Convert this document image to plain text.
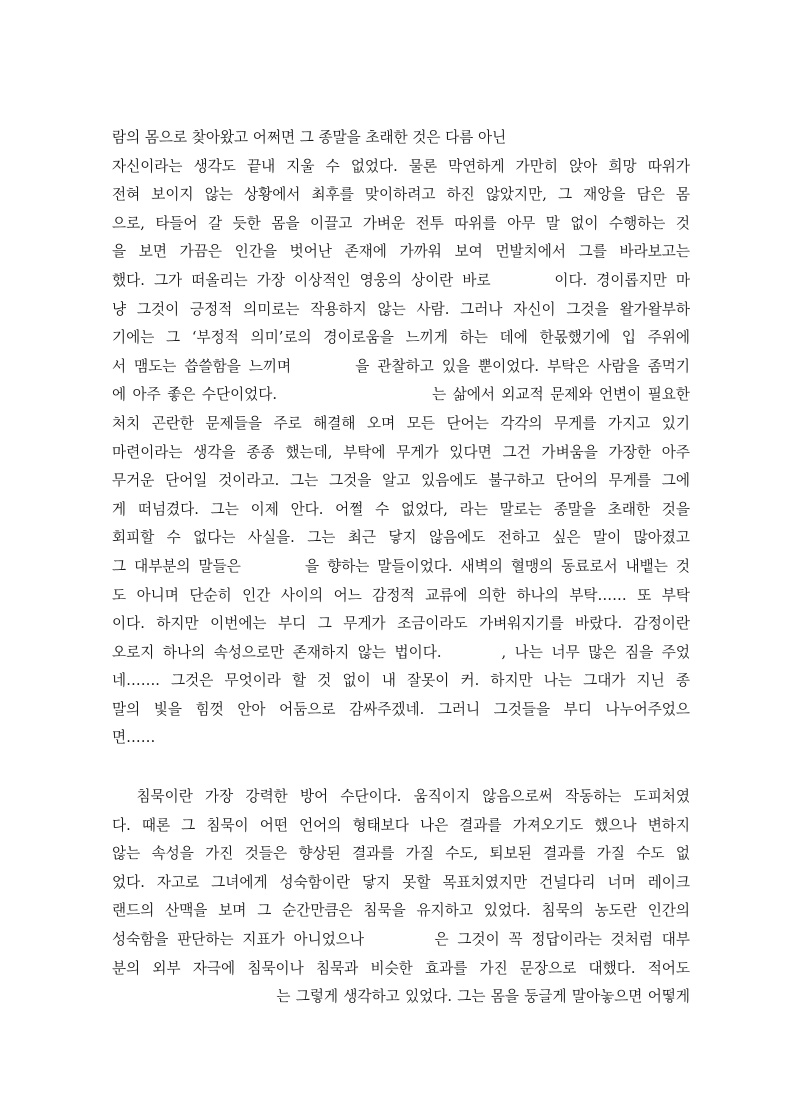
람의 몸으로 찾아왔고 어쩌면 그 종말을 초래한 것은 다름 아닌
자신이라는 생각도 끝내 지울 수 없었다. 물론 막연하게 가만히 앉아 희망 따위가
전혀 보이지 않는 상황에서 최후를 맞이하려고 하진 않았지만, 그 재앙을 담은 몸
으로, 타들어 갈 듯한 몸을 이끌고 가벼운 전투 따위를 아무 말 없이 수행하는 것
을 보면 가끔은 인간을 벗어난 존재에 가까워 보여 먼발치에서 그를 바라보고는
했다. 그가 떠올리는 가장 이상적인 영웅의 상이란 바로       이다. 경이롭지만 마
냥 그것이 긍정적 의미로는 작용하지 않는 사람. 그러나 자신이 그것을 왈가왈부하
기에는 그 ‘부정적 의미’로의 경이로움을 느끼게 하는 데에 한몫했기에 입 주위에
서 맴도는 씁쓸함을 느끼며        을 관찰하고 있을 뿐이었다. 부탁은 사람을 좀먹기
에 아주 좋은 수단이었다.                        는 삶에서 외교적 문제와 언변이 필요한
처치 곤란한 문제들을 주로 해결해 오며 모든 단어는 각각의 무게를 가지고 있기
마련이라는 생각을 종종 했는데, 부탁에 무게가 있다면 그건 가벼움을 가장한 아주
무거운 단어일 것이라고. 그는 그것을 알고 있음에도 불구하고 단어의 무게를 그에
게 떠넘겼다. 그는 이제 안다. 어쩔 수 없었다, 라는 말로는 종말을 초래한 것을
회피할 수 없다는 사실을. 그는 최근 닿지 않음에도 전하고 싶은 말이 많아졌고
그 대부분의 말들은        을 향하는 말들이었다. 새벽의 혈맹의 동료로서 내뱉는 것
도 아니며 단순히 인간 사이의 어느 감정적 교류에 의한 하나의 부탁…… 또 부탁
이다. 하지만 이번에는 부디 그 무게가 조금이라도 가벼워지기를 바랐다. 감정이란
오로지 하나의 속성으로만 존재하지 않는 법이다.       , 나는 너무 많은 짐을 주었
네……. 그것은 무엇이라 할 것 없이 내 잘못이 커. 하지만 나는 그대가 지닌 종
말의 빛을 힘껏 안아 어둠으로 감싸주겠네. 그러니 그것들을 부디 나누어주었으
면……
침묵이란 가장 강력한 방어 수단이다. 움직이지 않음으로써 작동하는 도피처였
다. 때론 그 침묵이 어떤 언어의 형태보다 나은 결과를 가져오기도 했으나 변하지
않는 속성을 가진 것들은 향상된 결과를 가질 수도, 퇴보된 결과를 가질 수도 없
었다. 자고로 그녀에게 성숙함이란 닿지 못할 목표치였지만 건널다리 너머 레이크
랜드의 산맥을 보며 그 순간만큼은 침묵을 유지하고 있었다. 침묵의 농도란 인간의
성숙함을 판단하는 지표가 아니었으나        은 그것이 꼭 정답이라는 것처럼 대부
분의 외부 자극에 침묵이나 침묵과 비슷한 효과를 가진 문장으로 대했다. 적어도
는 그렇게 생각하고 있었다. 그는 몸을 둥글게 말아놓으면 어떻게
